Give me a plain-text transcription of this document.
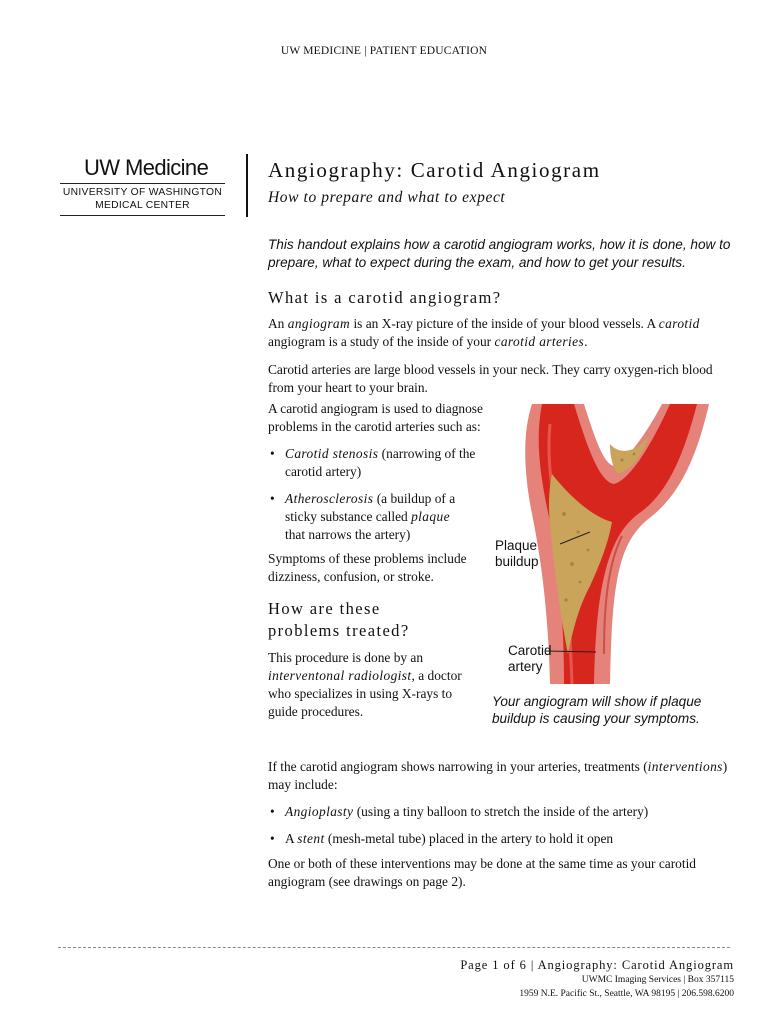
UW MEDICINE | PATIENT EDUCATION
UW Medicine
UNIVERSITY OF WASHINGTON
MEDICAL CENTER
Angiography: Carotid Angiogram
How to prepare and what to expect
This handout explains how a carotid angiogram works, how it is done, how to prepare, what to expect during the exam, and how to get your results.
What is a carotid angiogram?

An angiogram is an X-ray picture of the inside of your blood vessels. A carotid angiogram is a study of the inside of your carotid arteries.

Carotid arteries are large blood vessels in your neck. They carry oxygen-rich blood from your heart to your brain.

A carotid angiogram is used to diagnose problems in the carotid arteries such as:

• Carotid stenosis (narrowing of the carotid artery)
• Atherosclerosis (a buildup of a sticky substance called plaque
that narrows the artery)

Symptoms of these problems include dizziness, confusion, or stroke.

How are these
problems treated?

This procedure is done by an interventonal radiologist, a doctor who specializes in using X-rays to guide procedures.

Plaque
buildup
Carotid
artery
Your angiogram will show if plaque buildup is causing your symptoms.

If the carotid angiogram shows narrowing in your arteries, treatments (interventions) may include:

• Angioplasty (using a tiny balloon to stretch the inside of the artery)
• A stent (mesh-metal tube) placed in the artery to hold it open

One or both of these interventions may be done at the same time as your carotid angiogram (see drawings on page 2).

Page 1 of 6 | Angiography: Carotid Angiogram
UWMC Imaging Services | Box 357115
1959 N.E. Pacific St., Seattle, WA 98195 | 206.598.6200
